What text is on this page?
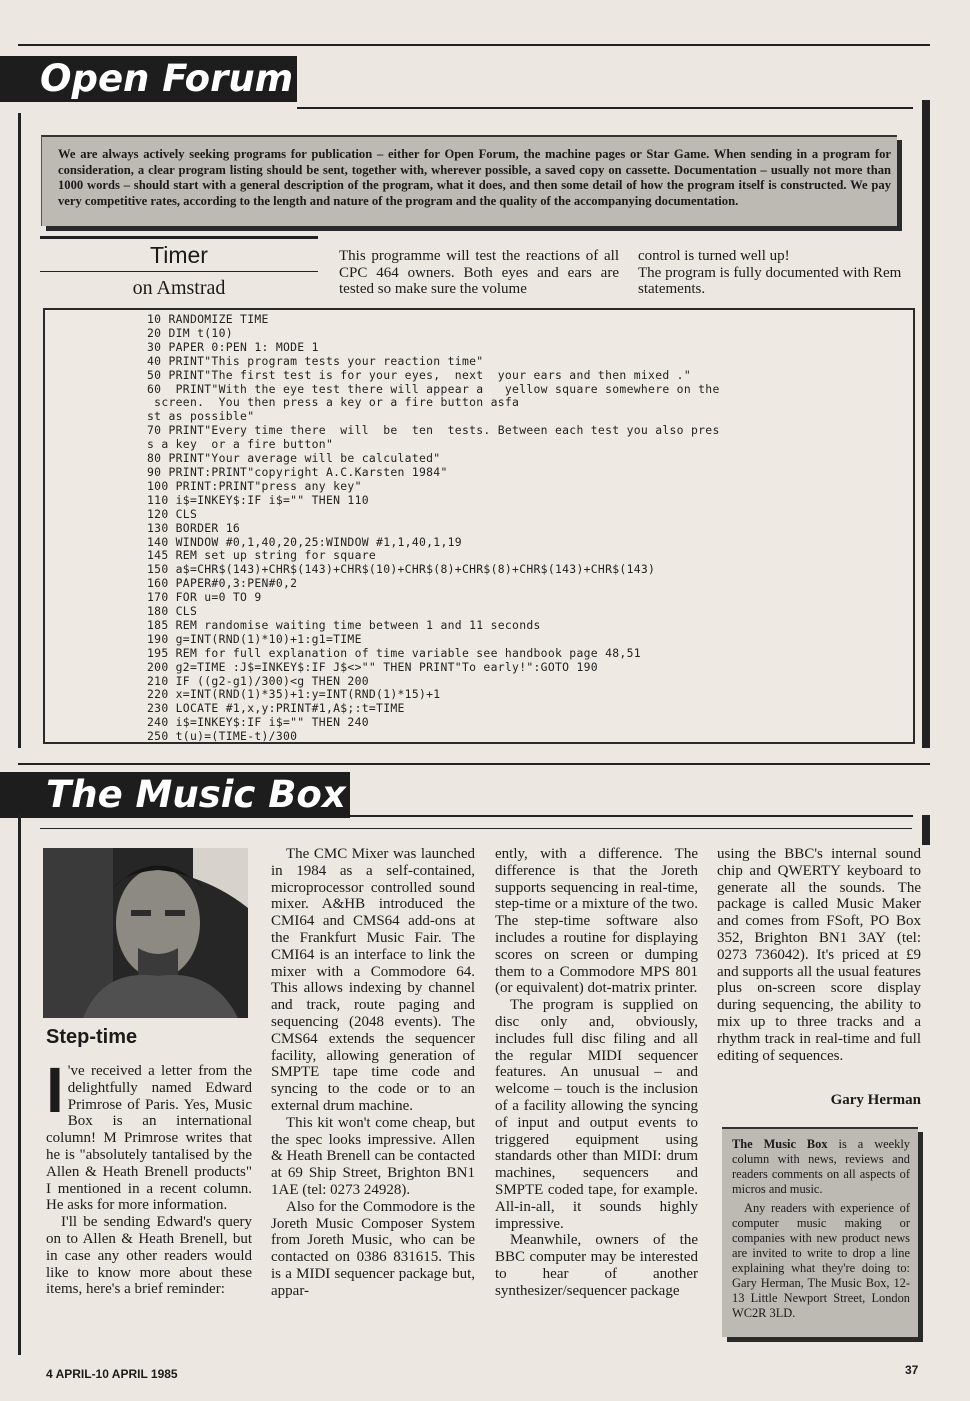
Open Forum
We are always actively seeking programs for publication – either for Open Forum, the machine pages or Star Game. When sending in a program for consideration, a clear program listing should be sent, together with, wherever possible, a saved copy on cassette. Documentation – usually not more than 1000 words – should start with a general description of the program, what it does, and then some detail of how the program itself is constructed. We pay very competitive rates, according to the length and nature of the program and the quality of the accompanying documentation.
Timer
on Amstrad
This programme will test the reactions of all CPC 464 owners. Both eyes and ears are tested so make sure the volume
control is turned well up!
The program is fully documented with Rem statements.
10 RANDOMIZE TIME
20 DIM t(10)
30 PAPER 0:PEN 1: MODE 1
40 PRINT"This program tests your reaction time"
50 PRINT"The first test is for your eyes,  next  your ears and then mixed ."
60  PRINT"With the eye test there will appear a   yellow square somewhere on the
screen.  You then press a key or a fire button asfa
st as possible"
70 PRINT"Every time there  will  be  ten  tests. Between each test you also pres
s a key  or a fire button"
80 PRINT"Your average will be calculated"
90 PRINT:PRINT"copyright A.C.Karsten 1984"
100 PRINT:PRINT"press any key"
110 i$=INKEY$:IF i$="" THEN 110
120 CLS
130 BORDER 16
140 WINDOW #0,1,40,20,25:WINDOW #1,1,40,1,19
145 REM set up string for square
150 a$=CHR$(143)+CHR$(143)+CHR$(10)+CHR$(8)+CHR$(8)+CHR$(143)+CHR$(143)
160 PAPER#0,3:PEN#0,2
170 FOR u=0 TO 9
180 CLS
185 REM randomise waiting time between 1 and 11 seconds
190 g=INT(RND(1)*10)+1:g1=TIME
195 REM for full explanation of time variable see handbook page 48,51
200 g2=TIME :J$=INKEY$:IF J$<>"" THEN PRINT"To early!":GOTO 190
210 IF ((g2-g1)/300)<g THEN 200
220 x=INT(RND(1)*35)+1:y=INT(RND(1)*15)+1
230 LOCATE #1,x,y:PRINT#1,A$;:t=TIME
240 i$=INKEY$:IF i$="" THEN 240
250 t(u)=(TIME-t)/300
The Music Box
Step-time

I 've received a letter from the delightfully named Edward Primrose of Paris. Yes, Music Box is an international column! M Primrose writes that he is "absolutely tantalised by the Allen & Heath Brenell products" I mentioned in a recent column. He asks for more information.

I'll be sending Edward's query on to Allen & Heath Brenell, but in case any other readers would like to know more about these items, here's a brief reminder:

The CMC Mixer was launched in 1984 as a self-contained, microprocessor controlled sound mixer. A&HB introduced the CMI64 and CMS64 add-ons at the Frankfurt Music Fair. The CMI64 is an interface to link the mixer with a Commodore 64. This allows indexing by channel and track, route paging and sequencing (2048 events). The CMS64 extends the sequencer facility, allowing generation of SMPTE tape time code and syncing to the code or to an external drum machine.

This kit won't come cheap, but the spec looks impressive. Allen & Heath Brenell can be contacted at 69 Ship Street, Brighton BN1 1AE (tel: 0273 24928).

Also for the Commodore is the Joreth Music Composer System from Joreth Music, who can be contacted on 0386 831615. This is a MIDI sequencer package but, appar-

ently, with a difference. The difference is that the Joreth supports sequencing in real-time, step-time or a mixture of the two. The step-time software also includes a routine for displaying scores on screen or dumping them to a Commodore MPS 801 (or equivalent) dot-matrix printer.

The program is supplied on disc only and, obviously, includes full disc filing and all the regular MIDI sequencer features. An unusual – and welcome – touch is the inclusion of a facility allowing the syncing of input and output events to triggered equipment using standards other than MIDI: drum machines, sequencers and SMPTE coded tape, for example. All-in-all, it sounds highly impressive.

Meanwhile, owners of the BBC computer may be interested to hear of another synthesizer/sequencer package

using the BBC's internal sound chip and QWERTY keyboard to generate all the sounds. The package is called Music Maker and comes from FSoft, PO Box 352, Brighton BN1 3AY (tel: 0273 736042). It's priced at £9 and supports all the usual features plus on-screen score display during sequencing, the ability to mix up to three tracks and a rhythm track in real-time and full editing of sequences.

Gary Herman

The Music Box is a weekly column with news, reviews and readers comments on all aspects of micros and music.

Any readers with experience of computer music making or companies with new product news are invited to write to drop a line explaining what they're doing to: Gary Herman, The Music Box, 12-13 Little Newport Street, London WC2R 3LD.

4 APRIL-10 APRIL 1985	37
